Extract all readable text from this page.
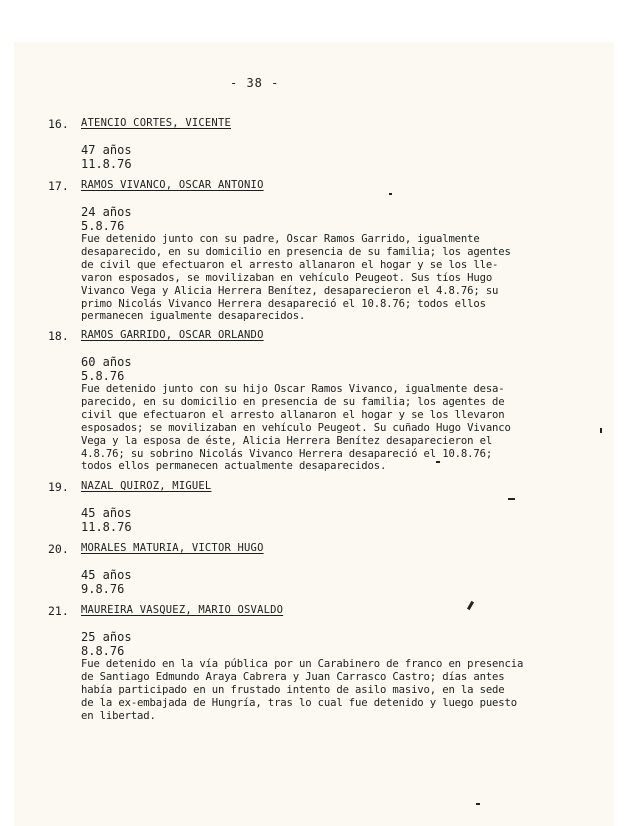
- 38 -
16. ATENCIO CORTES, VICENTE
47 años
11.8.76
17. RAMOS VIVANCO, OSCAR ANTONIO
24 años
5.8.76
Fue detenido junto con su padre, Oscar Ramos Garrido, igualmente
desaparecido, en su domicilio en presencia de su familia; los agentes
de civil que efectuaron el arresto allanaron el hogar y se los lle-
varon esposados, se movilizaban en vehículo Peugeot. Sus tíos Hugo
Vivanco Vega y Alicia Herrera Benítez, desaparecieron el 4.8.76; su
primo Nicolás Vivanco Herrera desapareció el 10.8.76; todos ellos
permanecen igualmente desaparecidos.
18. RAMOS GARRIDO, OSCAR ORLANDO
60 años
5.8.76
Fue detenido junto con su hijo Oscar Ramos Vivanco, igualmente desa-
parecido, en su domicilio en presencia de su familia; los agentes de
civil que efectuaron el arresto allanaron el hogar y se los llevaron
esposados; se movilizaban en vehículo Peugeot. Su cuñado Hugo Vivanco
Vega y la esposa de éste, Alicia Herrera Benítez desaparecieron el
4.8.76; su sobrino Nicolás Vivanco Herrera desapareció el 10.8.76;
todos ellos permanecen actualmente desaparecidos.
19. NAZAL QUIROZ, MIGUEL
45 años
11.8.76
20. MORALES MATURIA, VICTOR HUGO
45 años
9.8.76
21. MAUREIRA VASQUEZ, MARIO OSVALDO
25 años
8.8.76
Fue detenido en la vía pública por un Carabinero de franco en presencia
de Santiago Edmundo Araya Cabrera y Juan Carrasco Castro; días antes
había participado en un frustado intento de asilo masivo, en la sede
de la ex-embajada de Hungría, tras lo cual fue detenido y luego puesto
en libertad.
